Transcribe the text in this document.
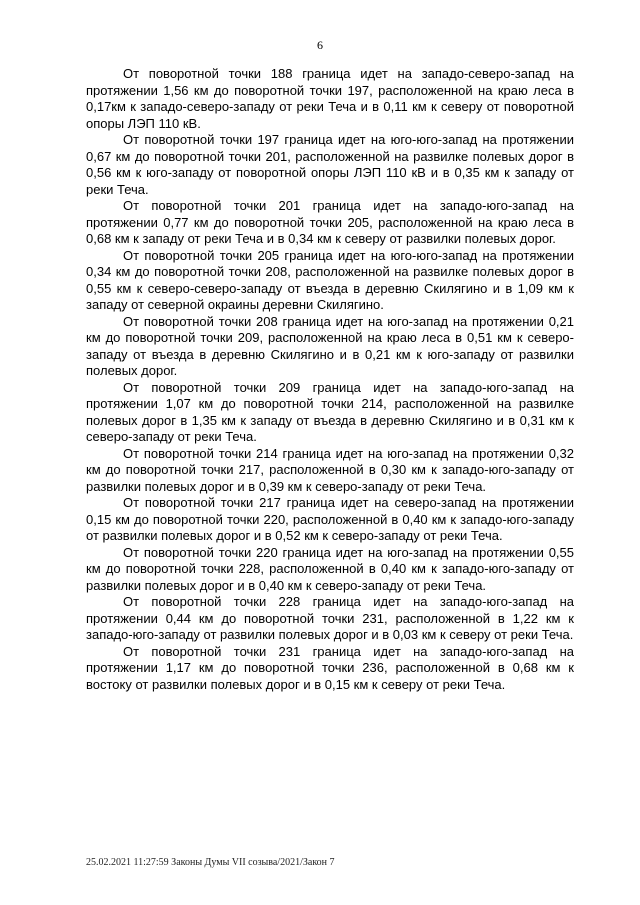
6

От поворотной точки 188 граница идет на западо-северо-запад на протяжении 1,56 км до поворотной точки 197, расположенной на краю леса в 0,17км к западо-северо-западу от реки Теча и в 0,11 км к северу от поворотной опоры ЛЭП 110 кВ.

От поворотной точки 197 граница идет на юго-юго-запад на протяжении 0,67 км до поворотной точки 201, расположенной на развилке полевых дорог в 0,56 км к юго-западу от поворотной опоры ЛЭП 110 кВ и в 0,35 км к западу от реки Теча.

От поворотной точки 201 граница идет на западо-юго-запад на протяжении 0,77 км до поворотной точки 205, расположенной на краю леса в 0,68 км к западу от реки Теча и в 0,34 км к северу от развилки полевых дорог.

От поворотной точки 205 граница идет на юго-юго-запад на протяжении 0,34 км до поворотной точки 208, расположенной на развилке полевых дорог в 0,55 км к северо-северо-западу от въезда в деревню Скилягино и в 1,09 км к западу от северной окраины деревни Скилягино.

От поворотной точки 208 граница идет на юго-запад на протяжении 0,21 км до поворотной точки 209, расположенной на краю леса в 0,51 км к северо-западу от въезда в деревню Скилягино и в 0,21 км к юго-западу от развилки полевых дорог.

От поворотной точки 209 граница идет на западо-юго-запад на протяжении 1,07 км до поворотной точки 214, расположенной на развилке полевых дорог в 1,35 км к западу от въезда в деревню Скилягино и в 0,31 км к северо-западу от реки Теча.

От поворотной точки 214 граница идет на юго-запад на протяжении 0,32 км до поворотной точки 217, расположенной в 0,30 км к западо-юго-западу от развилки полевых дорог и в 0,39 км к северо-западу от реки Теча.

От поворотной точки 217 граница идет на северо-запад на протяжении 0,15 км до поворотной точки 220, расположенной в 0,40 км к западо-юго-западу от развилки полевых дорог и в 0,52 км к северо-западу от реки Теча.

От поворотной точки 220 граница идет на юго-запад на протяжении 0,55 км до поворотной точки 228, расположенной в 0,40 км к западо-юго-западу от развилки полевых дорог и в 0,40 км к северо-западу от реки Теча.

От поворотной точки 228 граница идет на западо-юго-запад на протяжении 0,44 км до поворотной точки 231, расположенной в 1,22 км к западо-юго-западу от развилки полевых дорог и в 0,03 км к северу от реки Теча.

От поворотной точки 231 граница идет на западо-юго-запад на протяжении 1,17 км до поворотной точки 236, расположенной в 0,68 км к востоку от развилки полевых дорог и в 0,15 км к северу от реки Теча.

25.02.2021 11:27:59 Законы Думы VII созыва/2021/Закон 7
